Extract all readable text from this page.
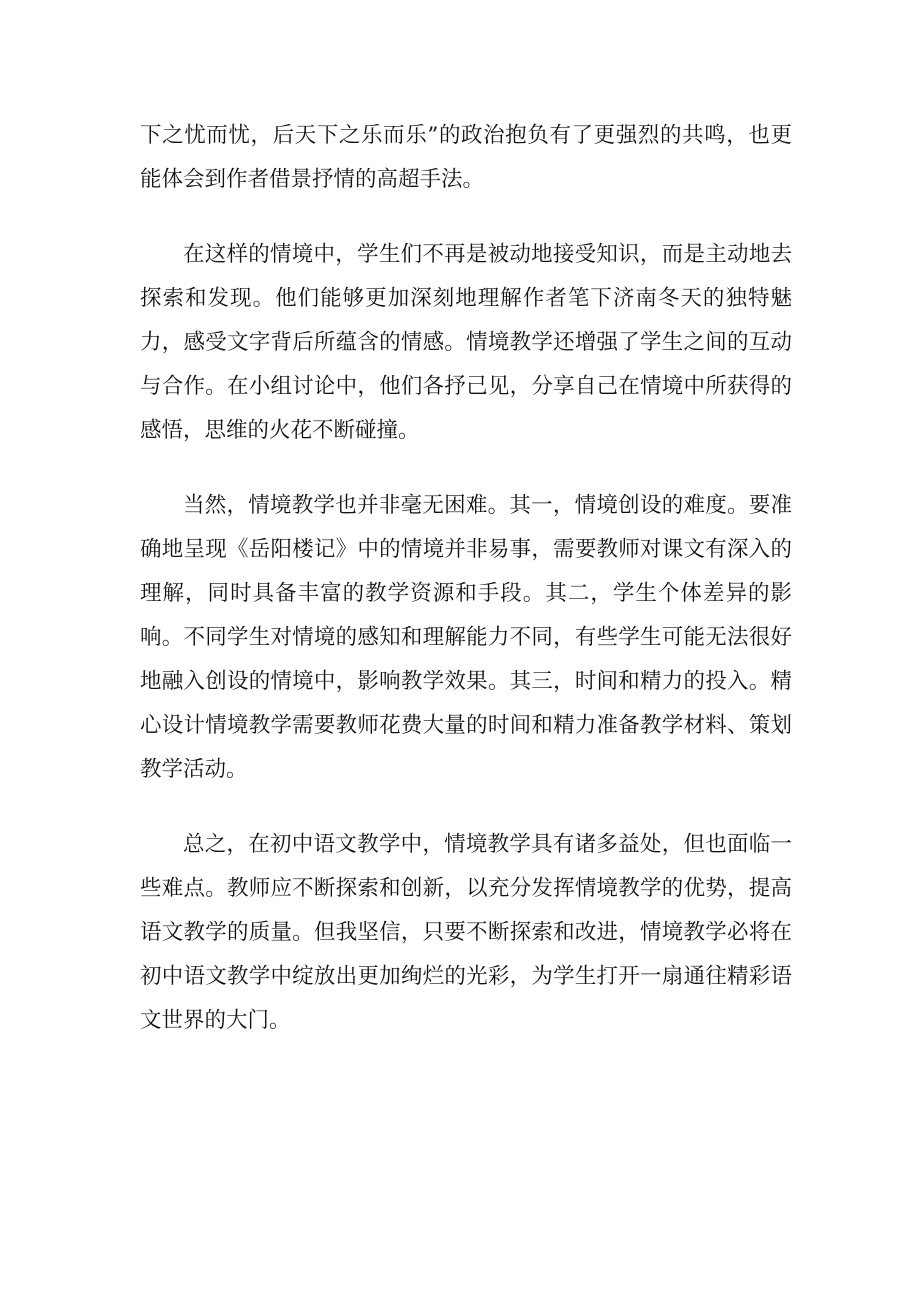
下之忧而忧，后天下之乐而乐”的政治抱负有了更强烈的共鸣，也更能体会到作者借景抒情的高超手法。

在这样的情境中，学生们不再是被动地接受知识，而是主动地去探索和发现。他们能够更加深刻地理解作者笔下济南冬天的独特魅力，感受文字背后所蕴含的情感。情境教学还增强了学生之间的互动与合作。在小组讨论中，他们各抒己见，分享自己在情境中所获得的感悟，思维的火花不断碰撞。

当然，情境教学也并非毫无困难。其一，情境创设的难度。要准确地呈现《岳阳楼记》中的情境并非易事，需要教师对课文有深入的理解，同时具备丰富的教学资源和手段。其二，学生个体差异的影响。不同学生对情境的感知和理解能力不同，有些学生可能无法很好地融入创设的情境中，影响教学效果。其三，时间和精力的投入。精心设计情境教学需要教师花费大量的时间和精力准备教学材料、策划教学活动。

总之，在初中语文教学中，情境教学具有诸多益处，但也面临一些难点。教师应不断探索和创新，以充分发挥情境教学的优势，提高语文教学的质量。但我坚信，只要不断探索和改进，情境教学必将在初中语文教学中绽放出更加绚烂的光彩，为学生打开一扇通往精彩语文世界的大门。
